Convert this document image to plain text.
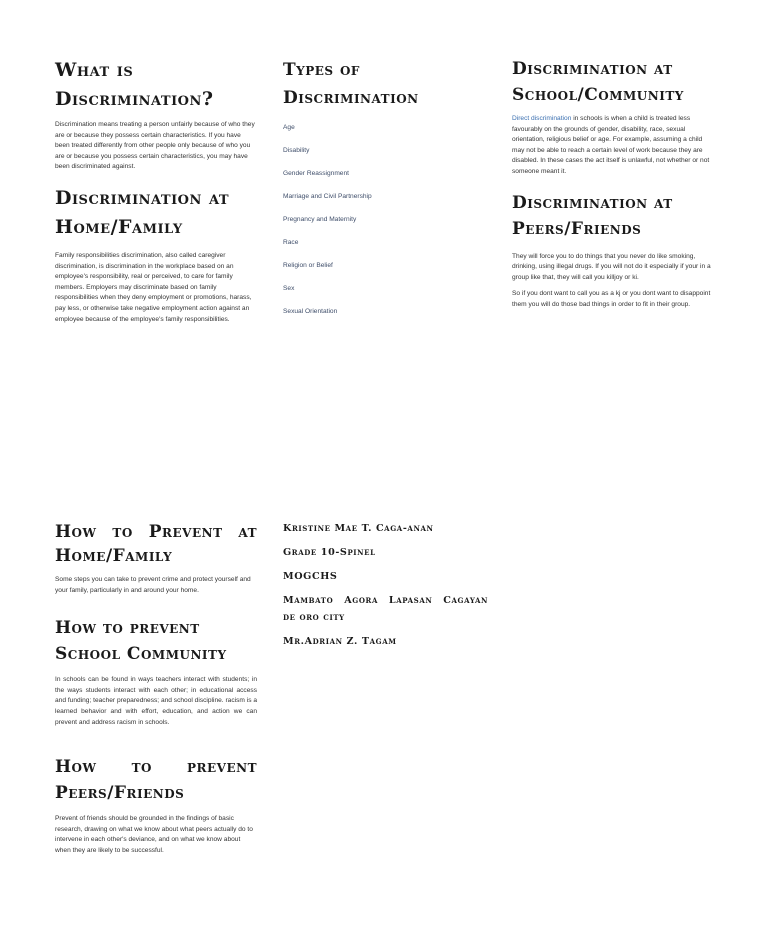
What is Discrimination?

Discrimination means treating a person unfairly because of who they are or because they possess certain characteristics. If you have been treated differently from other people only because of who you are or because you possess certain characteristics, you may have been discriminated against.

Discrimination at Home/Family

Family responsibilities discrimination, also called caregiver discrimination, is discrimination in the workplace based on an employee's responsibility, real or perceived, to care for family members. Employers may discriminate based on family responsibilities when they deny employment or promotions, harass, pay less, or otherwise take negative employment action against an employee because of the employee's family responsibilities.

Types of Discrimination

Age

Disability

Gender Reassignment

Marriage and Civil Partnership

Pregnancy and Maternity

Race

Religion or Belief

Sex

Sexual Orientation

Discrimination at School/Community

Direct discrimination in schools is when a child is treated less favourably on the grounds of gender, disability, race, sexual orientation, religious belief or age. For example, assuming a child may not be able to reach a certain level of work because they are disabled. In these cases the act itself is unlawful, not whether or not someone meant it.

Discrimination at Peers/Friends

They will force you to do things that you never do like smoking, drinking, using illegal drugs. If you will not do it especially if your in a group like that, they will call you killjoy or ki.

So if you dont want to call you as a kj or you dont want to disappoint them you will do those bad things in order to fit in their group.

How to Prevent at
Home/Family

Some steps you can take to prevent crime and protect yourself and your family, particularly in and around your home.

How to prevent School Community

In schools can be found in ways teachers interact with students; in the ways students interact with each other; in educational access and funding; teacher preparedness; and school discipline. racism is a learned behavior and with effort, education, and action we can prevent and address racism in schools.

How to prevent
Peers/Friends

Prevent of friends should be grounded in the findings of basic research, drawing on what we know about what peers actually do to intervene in each other's deviance, and on what we know about when they are likely to be successful.

Kristine Mae T. Caga-anan

Grade 10-Spinel

MOGCHS

Mambato Agora Lapasan Cagayan

de oro city

Mr.Adrian Z. Tagam
